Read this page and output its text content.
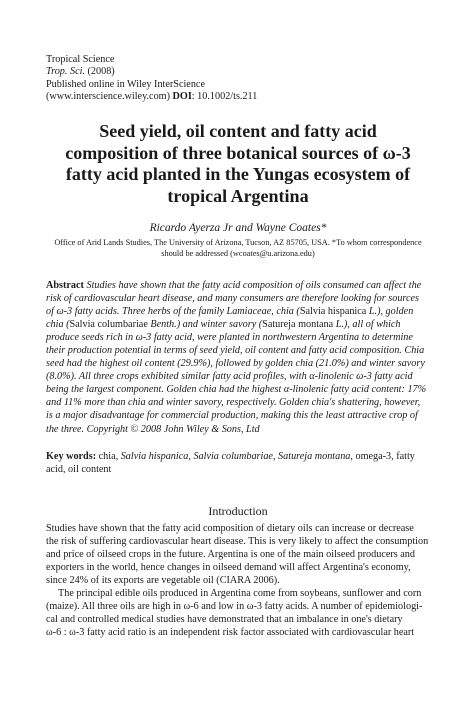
Tropical Science
Trop. Sci. (2008)
Published online in Wiley InterScience
(www.interscience.wiley.com) DOI: 10.1002/ts.211
Seed yield, oil content and fatty acid
composition of three botanical sources of ω-3
fatty acid planted in the Yungas ecosystem of
tropical Argentina
Ricardo Ayerza Jr and Wayne Coates*
Office of Arid Lands Studies, The University of Arizona, Tucson, AZ 85705, USA. *To whom correspondence
should be addressed (wcoates@u.arizona.edu)
Abstract Studies have shown that the fatty acid composition of oils consumed can affect the
risk of cardiovascular heart disease, and many consumers are therefore looking for sources
of ω-3 fatty acids. Three herbs of the family Lamiaceae, chia (Salvia hispanica L.), golden
chia (Salvia columbariae Benth.) and winter savory (Satureja montana L.), all of which
produce seeds rich in ω-3 fatty acid, were planted in northwestern Argentina to determine
their production potential in terms of seed yield, oil content and fatty acid composition. Chia
seed had the highest oil content (29.9%), followed by golden chia (21.0%) and winter savory
(8.0%). All three crops exhibited similar fatty acid profiles, with α-linolenic ω-3 fatty acid
being the largest component. Golden chia had the highest α-linolenic fatty acid content: 17%
and 11% more than chia and winter savory, respectively. Golden chia's shattering, however,
is a major disadvantage for commercial production, making this the least attractive crop of
the three. Copyright © 2008 John Wiley & Sons, Ltd
Key words: chia, Salvia hispanica, Salvia columbariae, Satureja montana, omega-3, fatty
acid, oil content
Introduction
Studies have shown that the fatty acid composition of dietary oils can increase or decrease
the risk of suffering cardiovascular heart disease. This is very likely to affect the consumption
and price of oilseed crops in the future. Argentina is one of the main oilseed producers and
exporters in the world, hence changes in oilseed demand will affect Argentina's economy,
since 24% of its exports are vegetable oil (CIARA 2006).
The principal edible oils produced in Argentina come from soybeans, sunflower and corn
(maize). All three oils are high in ω-6 and low in ω-3 fatty acids. A number of epidemiologi-
cal and controlled medical studies have demonstrated that an imbalance in one's dietary
ω-6 : ω-3 fatty acid ratio is an independent risk factor associated with cardiovascular heart
